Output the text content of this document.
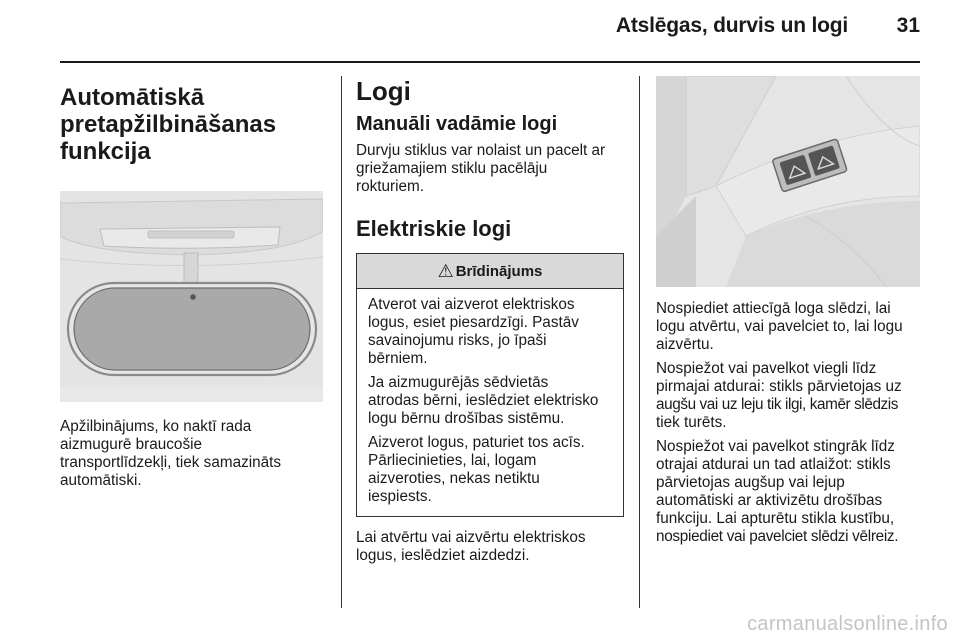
Atslēgas, durvis un logi 31
Automātiskā
pretapžilbināšanas
funkcija

Apžilbinājums, ko naktī rada
aizmugurē braucošie
transportlīdzekļi, tiek samazināts
automātiski.

Logi
Manuāli vadāmie logi

Durvju stiklus var nolaist un pacelt ar
griežamajiem stiklu pacēlāju
rokturiem.

Elektriskie logi
⚠ Brīdinājums

Atverot vai aizverot elektriskos
logus, esiet piesardzīgi. Pastāv
savainojumu risks, jo īpaši
bērniem.

Ja aizmugurējās sēdvietās
atrodas bērni, ieslēdziet elektrisko
logu bērnu drošības sistēmu.

Aizverot logus, paturiet tos acīs.
Pārliecinieties, lai, logam
aizveroties, nekas netiktu
iespiests.

Lai atvērtu vai aizvērtu elektriskos
logus, ieslēdziet aizdedzi.

Nospiediet attiecīgā loga slēdzi, lai
logu atvērtu, vai pavelciet to, lai logu
aizvērtu.

Nospiežot vai pavelkot viegli līdz
pirmajai atdurai: stikls pārvietojas uz
augšu vai uz leju tik ilgi, kamēr slēdzis
tiek turēts.

Nospiežot vai pavelkot stingrāk līdz
otrajai atdurai un tad atlaižot: stikls
pārvietojas augšup vai lejup
automātiski ar aktivizētu drošības
funkciju. Lai apturētu stikla kustību,
nospiediet vai pavelciet slēdzi vēlreiz.

carmanualsonline.info
